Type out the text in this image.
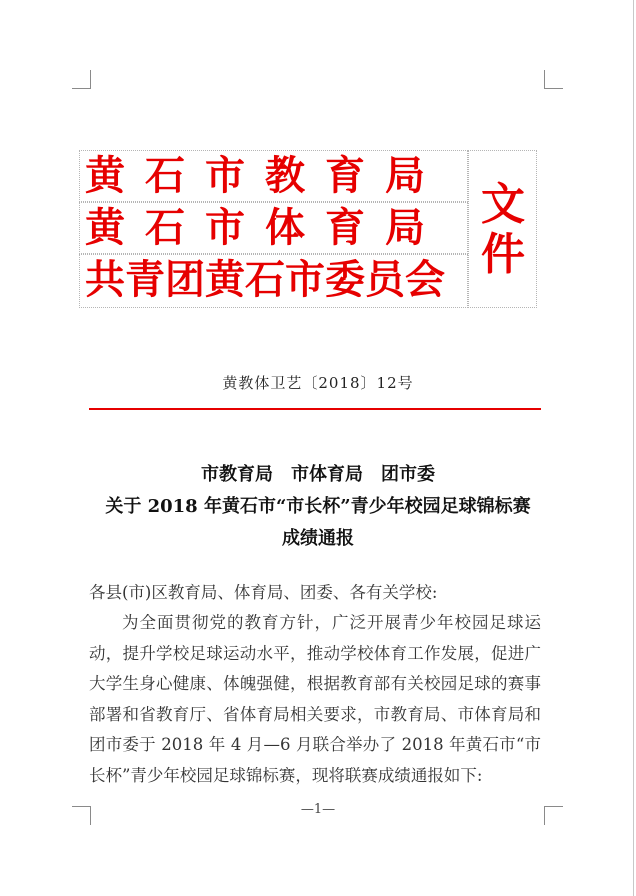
黄石市教育局
黄石市体育局
共青团黄石市委员会
文件
黄教体卫艺〔2018〕12号
市教育局　市体育局　团市委
关于 2018 年黄石市“市长杯”青少年校园足球锦标赛
成绩通报
各县(市)区教育局、体育局、团委、各有关学校:
为全面贯彻党的教育方针，广泛开展青少年校园足球运动，提升学校足球运动水平，推动学校体育工作发展，促进广大学生身心健康、体魄强健，根据教育部有关校园足球的赛事部署和省教育厅、省体育局相关要求，市教育局、市体育局和团市委于 2018 年 4 月—6 月联合举办了 2018 年黄石市“市长杯”青少年校园足球锦标赛，现将联赛成绩通报如下:
—1—
